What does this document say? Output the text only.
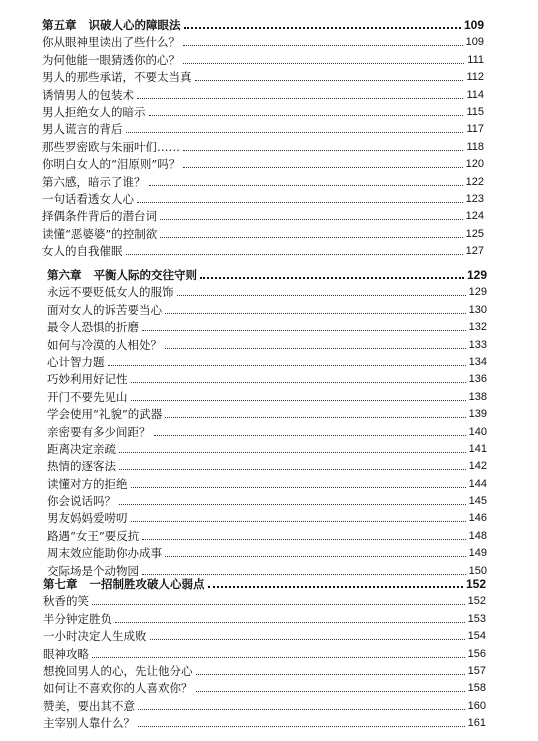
第五章 识破人心的障眼法	109
你从眼神里读出了些什么？	109
为何他能一眼猜透你的心？	111
男人的那些承诺，不要太当真	112
诱情男人的包装术	114
男人拒绝女人的暗示	115
男人谎言的背后	117
那些罗密欧与朱丽叶们……	118
你明白女人的“泪原则”吗？	120
第六感，暗示了谁？	122
一句话看透女人心	123
择偶条件背后的潜台词	124
读懂“恶婆婆”的控制欲	125
女人的自我催眠	127
第六章 平衡人际的交往守则	129
永远不要贬低女人的服饰	129
面对女人的诉苦要当心	130
最令人恐惧的折磨	132
如何与冷漠的人相处？	133
心计智力题	134
巧妙利用好记性	136
开门不要先见山	138
学会使用“礼貌”的武器	139
亲密要有多少间距？	140
距离决定亲疏	141
热情的逐客法	142
读懂对方的拒绝	144
你会说话吗？	145
男友妈妈爱唠叨	146
路遇“女王”要反抗	148
周末效应能助你办成事	149
交际场是个动物园	150
第七章 一招制胜攻破人心弱点	152
秋香的笑	152
半分钟定胜负	153
一小时决定人生成败	154
眼神攻略	156
想挽回男人的心，先让他分心	157
如何让不喜欢你的人喜欢你？	158
赞美，要出其不意	160
主宰别人靠什么？	161
